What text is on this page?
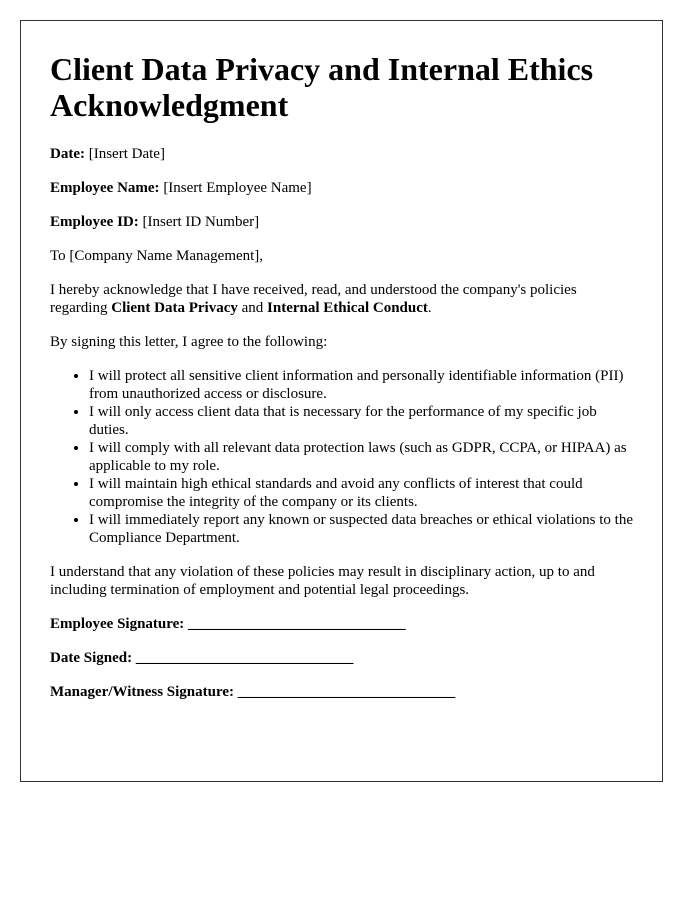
Client Data Privacy and Internal Ethics Acknowledgment

Date: [Insert Date]

Employee Name: [Insert Employee Name]

Employee ID: [Insert ID Number]

To [Company Name Management],

I hereby acknowledge that I have received, read, and understood the company's policies regarding Client Data Privacy and Internal Ethical Conduct.

By signing this letter, I agree to the following:

• I will protect all sensitive client information and personally identifiable information (PII) from unauthorized access or disclosure.
• I will only access client data that is necessary for the performance of my specific job duties.
• I will comply with all relevant data protection laws (such as GDPR, CCPA, or HIPAA) as applicable to my role.
• I will maintain high ethical standards and avoid any conflicts of interest that could compromise the integrity of the company or its clients.
• I will immediately report any known or suspected data breaches or ethical violations to the Compliance Department.

I understand that any violation of these policies may result in disciplinary action, up to and including termination of employment and potential legal proceedings.

Employee Signature: _____________________________

Date Signed: _____________________________

Manager/Witness Signature: _____________________________
